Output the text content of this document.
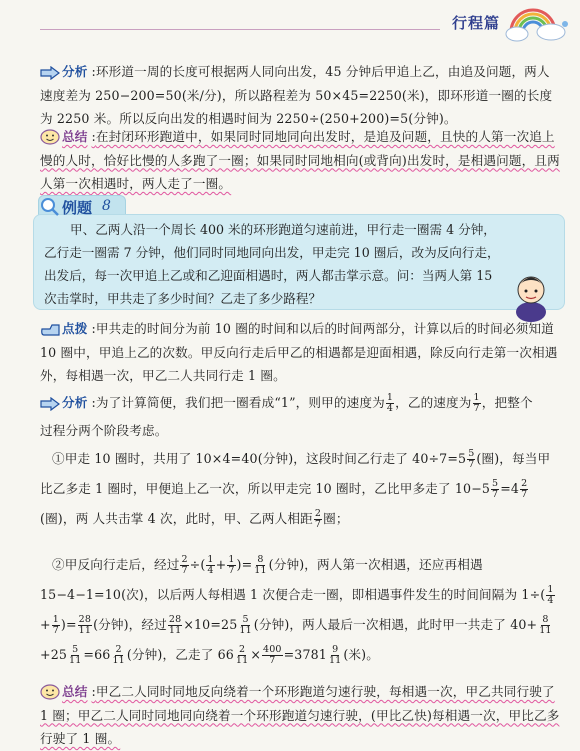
行程篇
分析 :环形道一周的长度可根据两人同向出发，45 分钟后甲追上乙，由追及问题，两人速度差为 250−200=50(米/分)，所以路程差为 50×45=2250(米)，即环形道一圈的长度为 2250 米。所以反向出发的相遇时间为 2250÷(250+200)=5(分钟)。
总结 :在封闭环形跑道中，如果同时同地同向出发时，是追及问题，且快的人第一次追上慢的人时，恰好比慢的人多跑了一圈；如果同时同地相向(或背向)出发时，是相遇问题，且两人第一次相遇时，两人走了一圈。
例题 8
甲、乙两人沿一个周长 400 米的环形跑道匀速前进，甲行走一圈需 4 分钟，乙行走一圈需 7 分钟，他们同时同地同向出发，甲走完 10 圈后，改为反向行走，出发后，每一次甲追上乙或和乙迎面相遇时，两人都击掌示意。问：当两人第 15 次击掌时，甲共走了多少时间？乙走了多少路程？
点拨 :甲共走的时间分为前 10 圈的时间和以后的时间两部分，计算以后的时间必须知道 10 圈中，甲追上乙的次数。甲反向行走后甲乙的相遇都是迎面相遇，除反向行走第一次相遇外，每相遇一次，甲乙二人共同行走 1 圈。
分析 :为了计算简便，我们把一圈看成“1”，则甲的速度为 $\frac{1}{4}$ ，乙的速度为 $\frac{1}{7}$ ，把整个
过程分两个阶段考虑。
①甲走 10 圈时，共用了 10×4=40(分钟)，这段时间乙行走了 $40\div 7=5 \frac{5}{7}$ (圈)，每当甲 比乙多走 1 圈时，甲便追上乙一次，所以甲走完 10 圈时，乙比甲多走了 $10-5 \frac{5}{7} =4 \frac{2}{7}$
(圈)，两 人共击掌 4 次，此时，甲、乙两人相距 $\frac{2}{7}$ 圈；
②甲反向行走后，经过 $\frac{2}{7}$ ÷( $\frac{1}{4} + \frac{1}{7}$ )= $\frac{8}{11}$ (分钟)，两人第一次相遇，还应再相遇 15−4−1=10(次)，以后两人每相遇 1 次便合走一圈，即相遇事件发生的时间间隔为 $1\div( \frac{1}{4}$
+ $\frac{1}{7}$ )= $\frac{28}{11}$ (分钟)，经过 $\frac{28}{11} \times 10=25 \frac{5}{11}$ (分钟)，两人最后一次相遇，此时甲一共走了 $40+ \frac{8}{11}$
$+25 \frac{5}{11} =66 \frac{2}{11}$ (分钟)，乙走了 $66 \frac{2}{11} \times \frac{400}{7} =3781 \frac{9}{11}$ (米)。
总结 :甲乙二人同时同地反向绕着一个环形跑道匀速行驶，每相遇一次，甲乙共同行驶了 1 圈；甲乙二人同时同地同向绕着一个环形跑道匀速行驶，(甲比乙快)每相遇一次，甲比乙多行驶了 1 圈。
